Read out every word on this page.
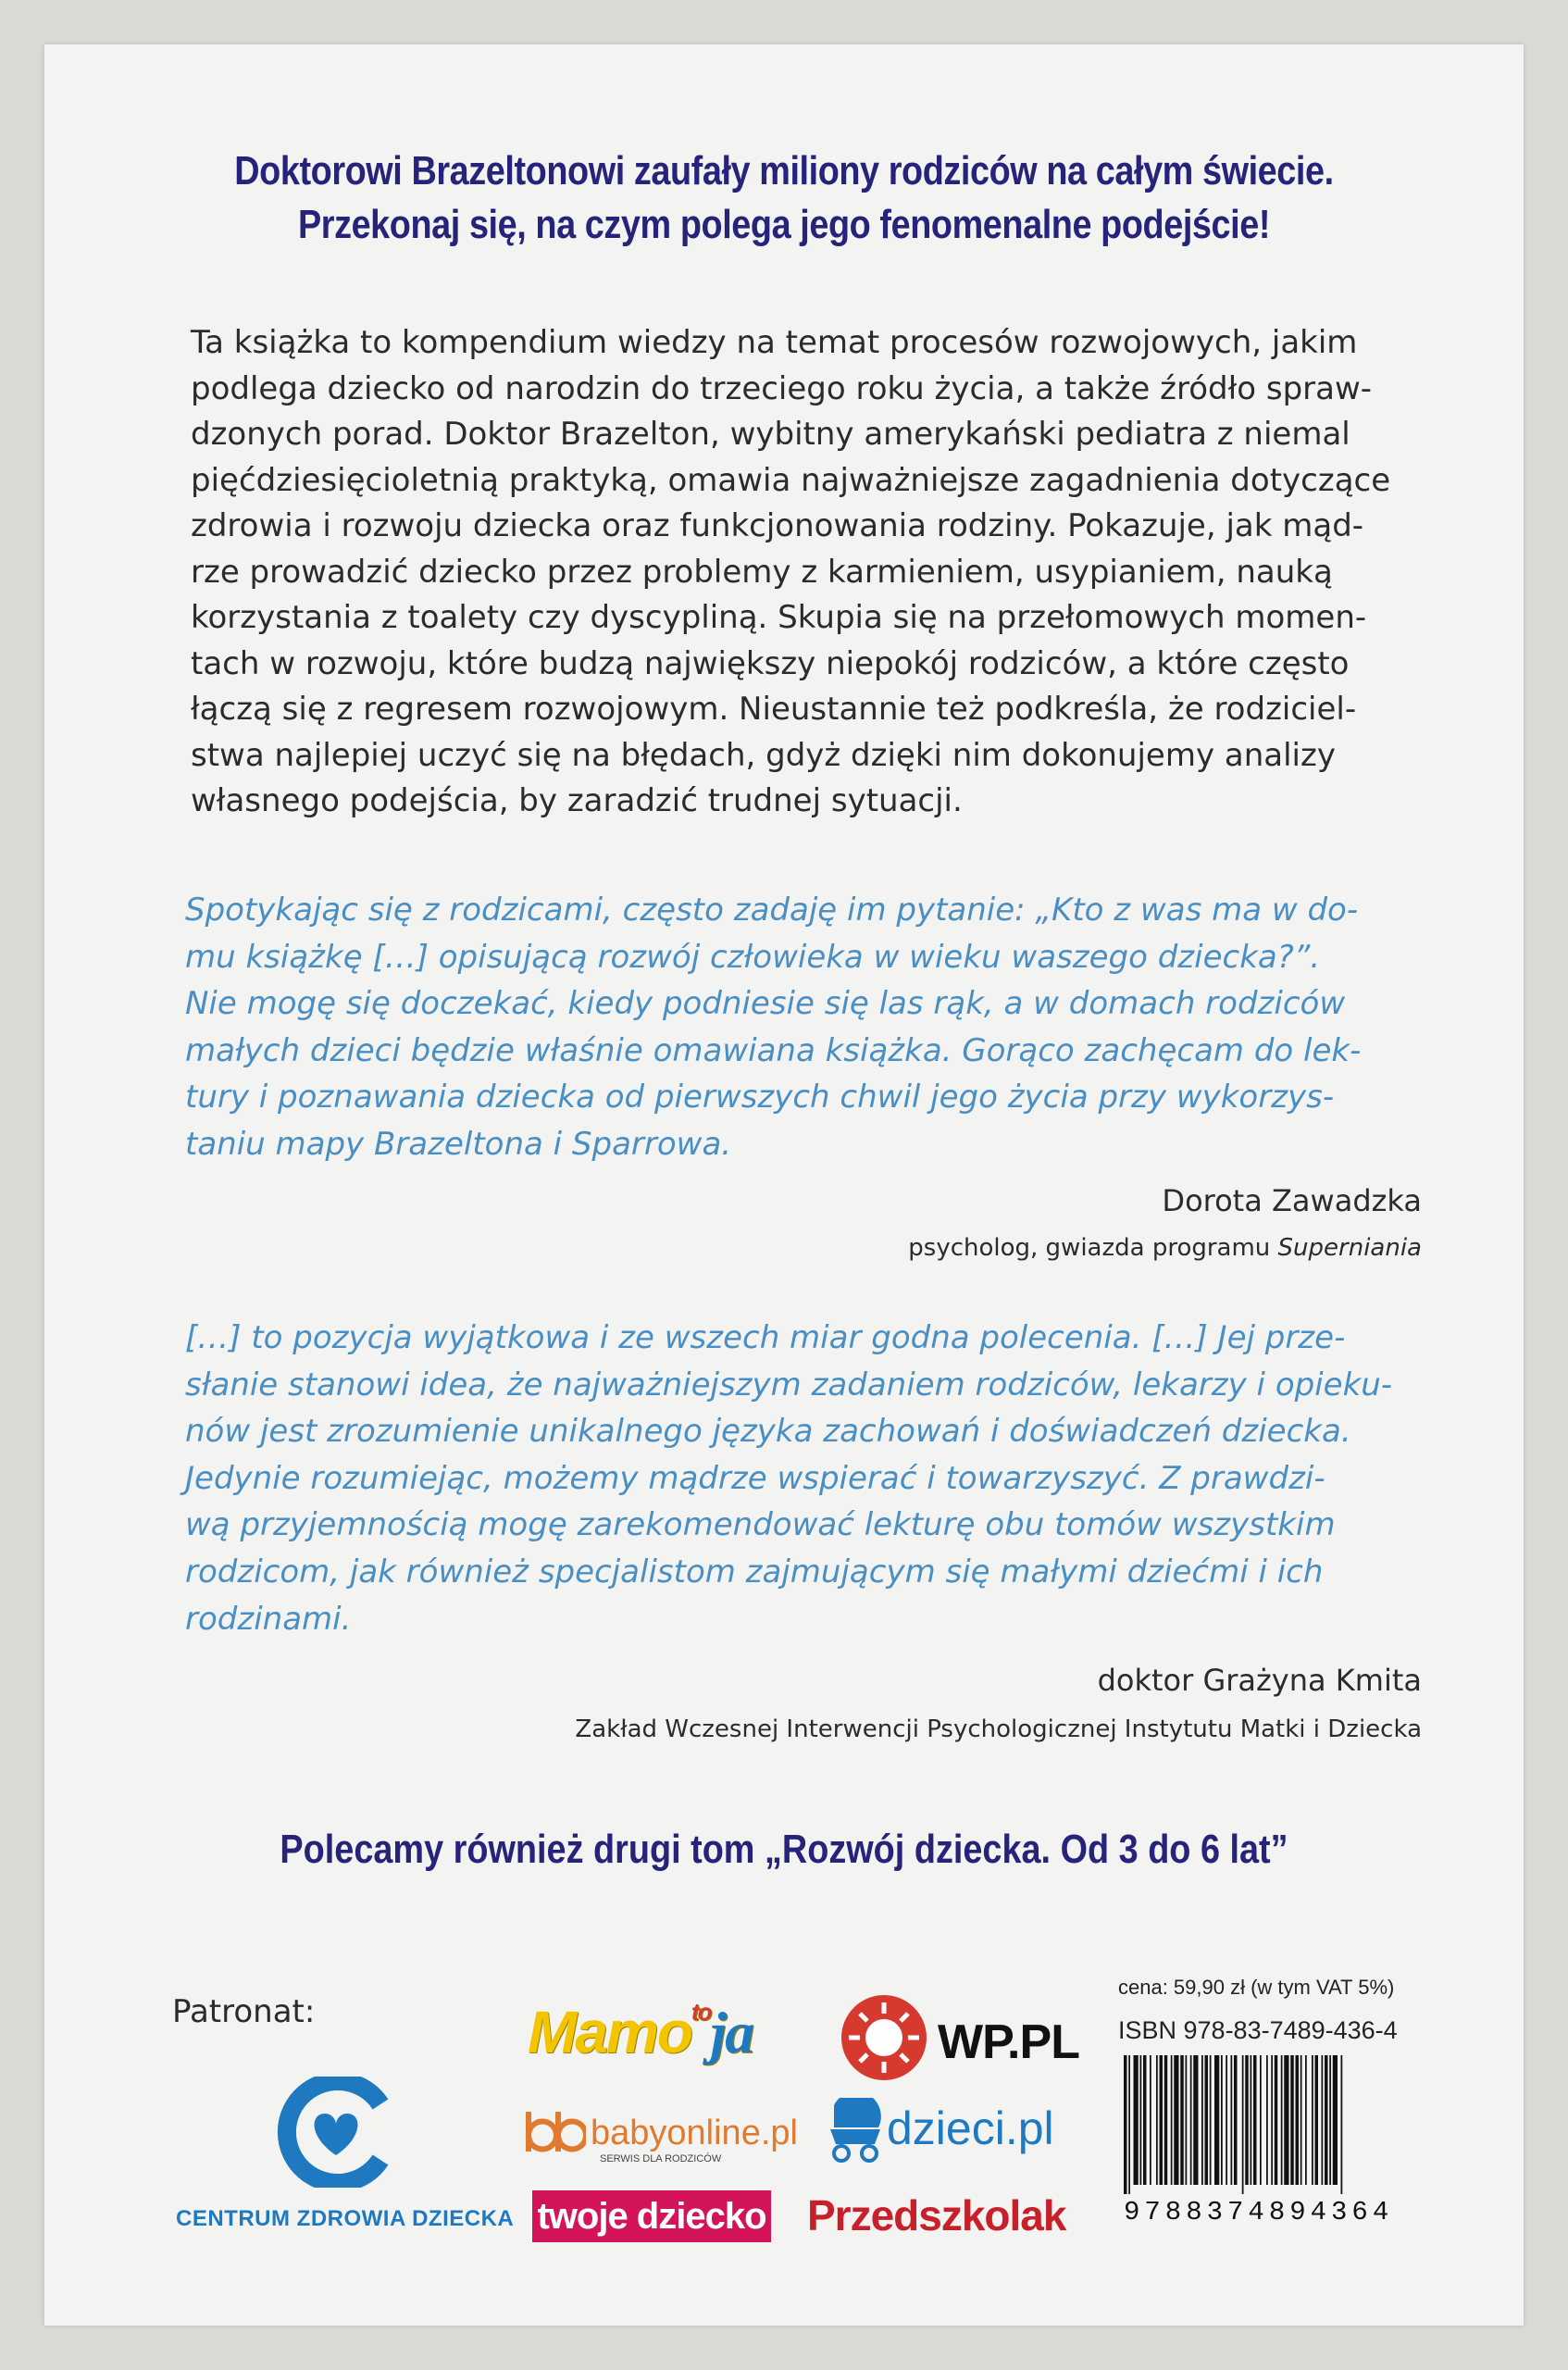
Doktorowi Brazeltonowi zaufały miliony rodziców na całym świecie.
Przekonaj się, na czym polega jego fenomenalne podejście!
Ta książka to kompendium wiedzy na temat procesów rozwojowych, jakim
podlega dziecko od narodzin do trzeciego roku życia, a także źródło spraw-
dzonych porad. Doktor Brazelton, wybitny amerykański pediatra z niemal
pięćdziesięcioletnią praktyką, omawia najważniejsze zagadnienia dotyczące
zdrowia i rozwoju dziecka oraz funkcjonowania rodziny. Pokazuje, jak mąd-
rze prowadzić dziecko przez problemy z karmieniem, usypianiem, nauką
korzystania z toalety czy dyscypliną. Skupia się na przełomowych momen-
tach w rozwoju, które budzą największy niepokój rodziców, a które często
łączą się z regresem rozwojowym. Nieustannie też podkreśla, że rodziciel-
stwa najlepiej uczyć się na błędach, gdyż dzięki nim dokonujemy analizy
własnego podejścia, by zaradzić trudnej sytuacji.
Spotykając się z rodzicami, często zadaję im pytanie: „Kto z was ma w do-
mu książkę […] opisującą rozwój człowieka w wieku waszego dziecka?”.
Nie mogę się doczekać, kiedy podniesie się las rąk, a w domach rodziców
małych dzieci będzie właśnie omawiana książka. Gorąco zachęcam do lek-
tury i poznawania dziecka od pierwszych chwil jego życia przy wykorzys-
taniu mapy Brazeltona i Sparrowa.
Dorota Zawadzka
psycholog, gwiazda programu Superniania
[…] to pozycja wyjątkowa i ze wszech miar godna polecenia. […] Jej prze-
słanie stanowi idea, że najważniejszym zadaniem rodziców, lekarzy i opieku-
nów jest zrozumienie unikalnego języka zachowań i doświadczeń dziecka.
Jedynie rozumiejąc, możemy mądrze wspierać i towarzyszyć. Z prawdzi-
wą przyjemnością mogę zarekomendować lekturę obu tomów wszystkim
rodzicom, jak również specjalistom zajmującym się małymi dziećmi i ich
rodzinami.
doktor Grażyna Kmita
Zakład Wczesnej Interwencji Psychologicznej Instytutu Matki i Dziecka
Polecamy również drugi tom „Rozwój dziecka. Od 3 do 6 lat”
Patronat:
CENTRUM ZDROWIA DZIECKA
Mamo$^{to}$ja	WP.PL
babyonline.pl
SERWIS DLA RODZICÓW
dzieci.pl
twoje dziecko Przedszkolak
cena: 59,90 zł (w tym VAT 5%)
ISBN 978-83-7489-436-4
9788374894364
